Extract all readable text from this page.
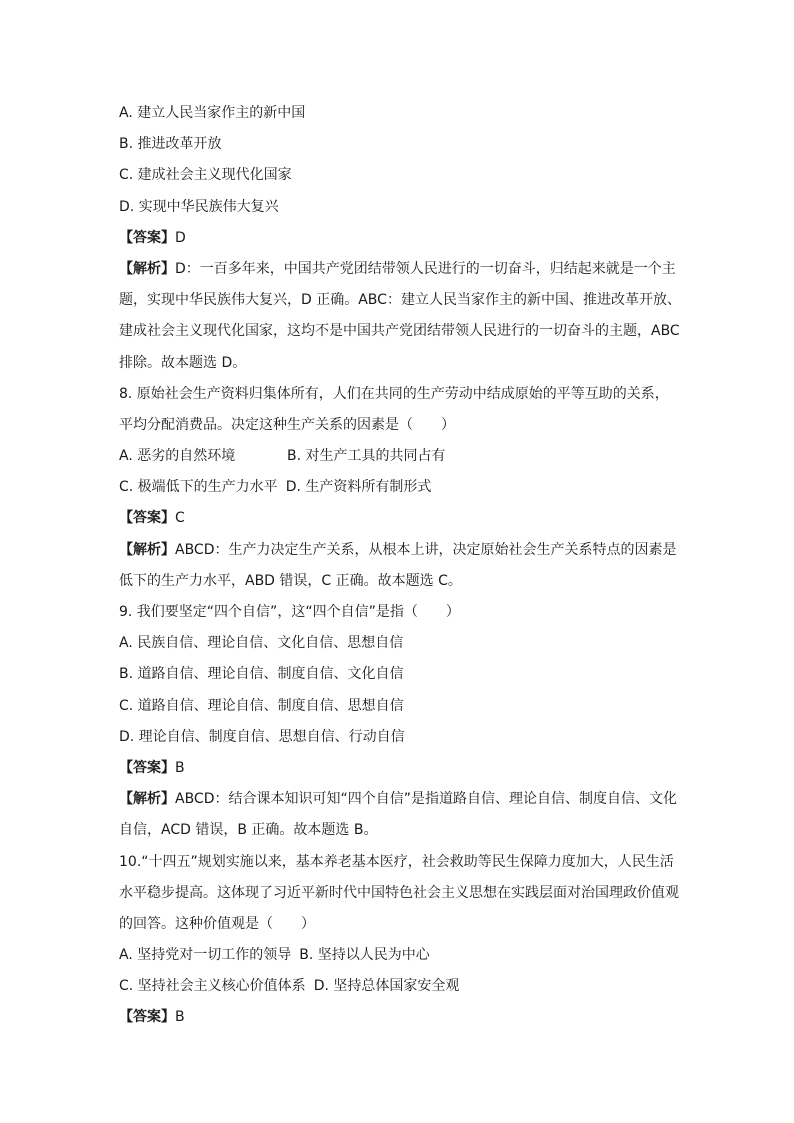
A. 建立人民当家作主的新中国
B. 推进改革开放
C. 建成社会主义现代化国家
D. 实现中华民族伟大复兴
【答案】D
【解析】D：一百多年来，中国共产党团结带领人民进行的一切奋斗，归结起来就是一个主
题，实现中华民族伟大复兴，D 正确。ABC：建立人民当家作主的新中国、推进改革开放、
建成社会主义现代化国家，这均不是中国共产党团结带领人民进行的一切奋斗的主题，ABC
排除。故本题选 D。
8. 原始社会生产资料归集体所有，人们在共同的生产劳动中结成原始的平等互助的关系，
平均分配消费品。决定这种生产关系的因素是（　　）
A. 恶劣的自然环境	B. 对生产工具的共同占有
C. 极端低下的生产力水平 D. 生产资料所有制形式
【答案】C
【解析】ABCD：生产力决定生产关系，从根本上讲，决定原始社会生产关系特点的因素是
低下的生产力水平，ABD 错误，C 正确。故本题选 C。
9. 我们要坚定“四个自信”，这“四个自信”是指（　　）
A. 民族自信、理论自信、文化自信、思想自信
B. 道路自信、理论自信、制度自信、文化自信
C. 道路自信、理论自信、制度自信、思想自信
D. 理论自信、制度自信、思想自信、行动自信
【答案】B
【解析】ABCD：结合课本知识可知“四个自信”是指道路自信、理论自信、制度自信、文化
自信，ACD 错误，B 正确。故本题选 B。
10.“十四五”规划实施以来，基本养老基本医疗，社会救助等民生保障力度加大，人民生活
水平稳步提高。这体现了习近平新时代中国特色社会主义思想在实践层面对治国理政价值观
的回答。这种价值观是（　　）
A. 坚持党对一切工作的领导 B. 坚持以人民为中心
C. 坚持社会主义核心价值体系 D. 坚持总体国家安全观
【答案】B
